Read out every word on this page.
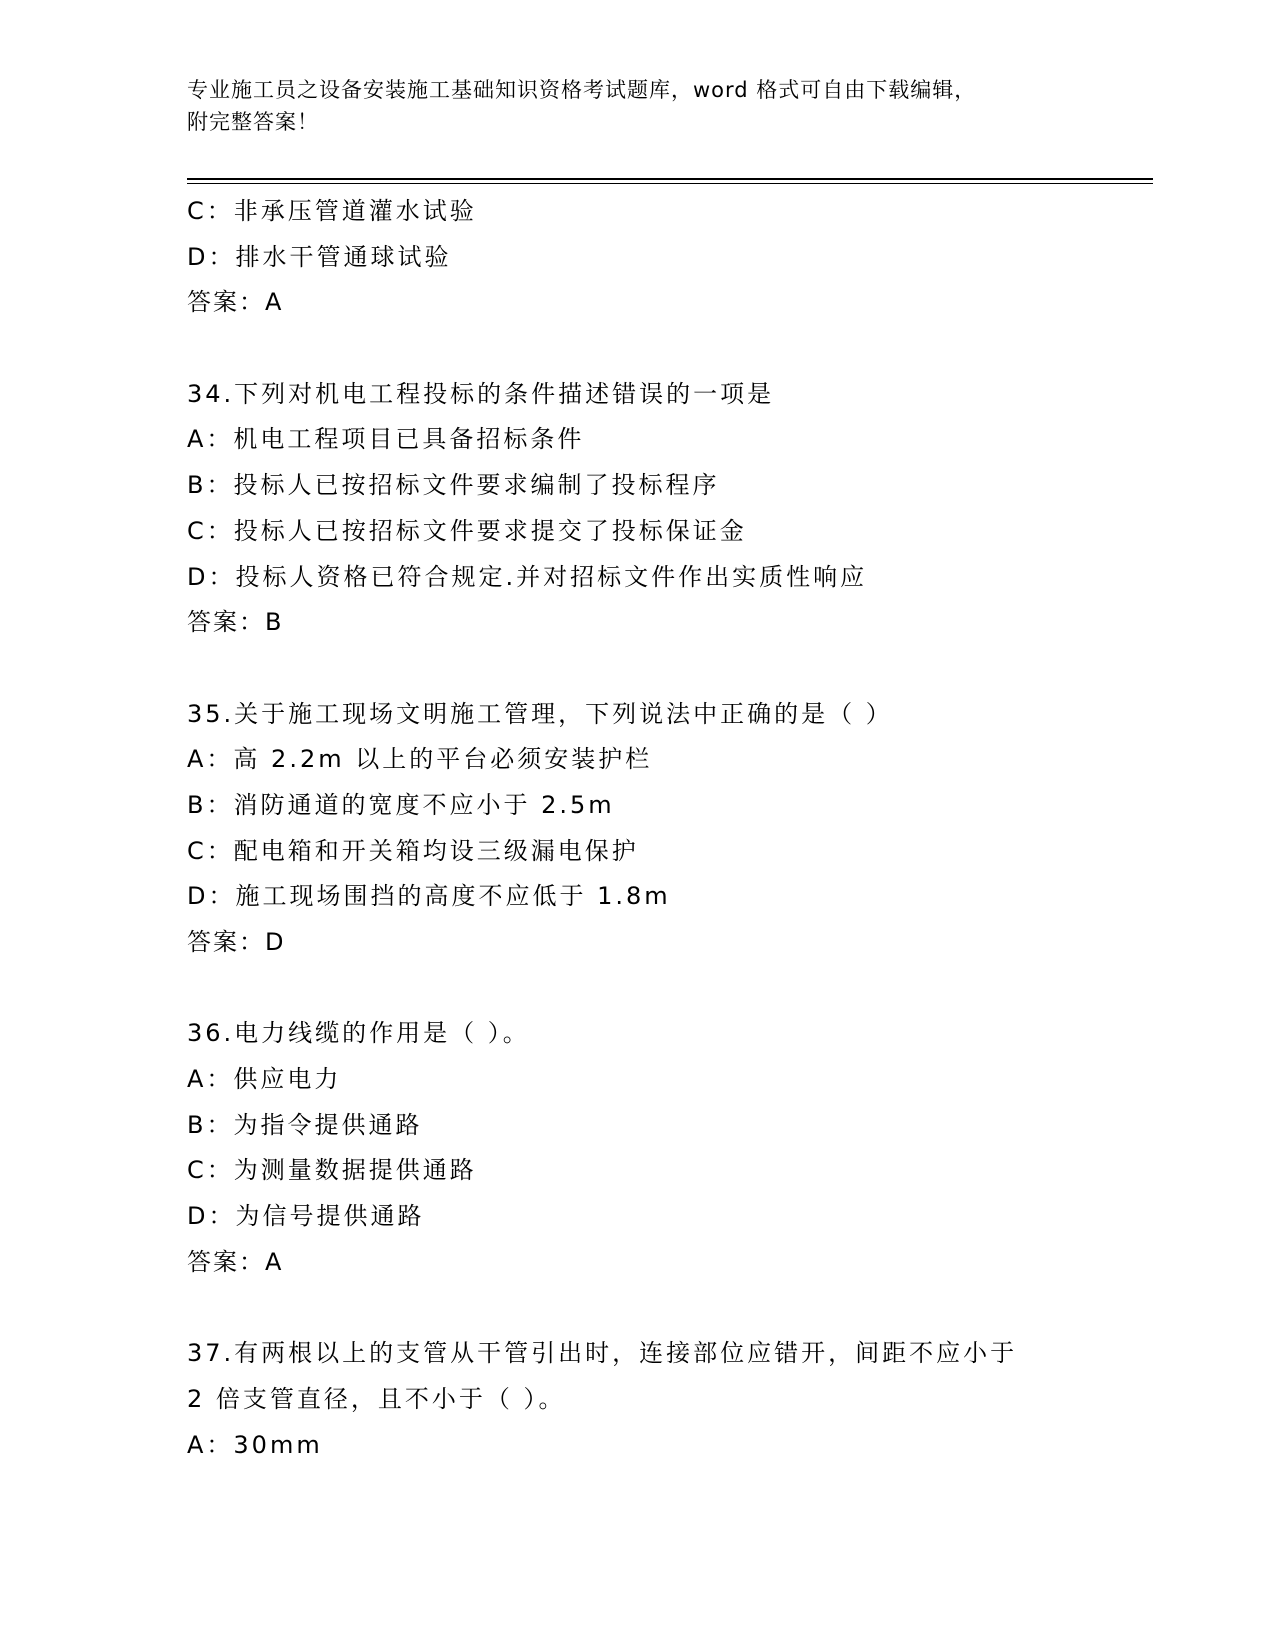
专业施工员之设备安装施工基础知识资格考试题库，word 格式可自由下载编辑，
附完整答案！
C：非承压管道灌水试验
D：排水干管通球试验
答案：A
34.下列对机电工程投标的条件描述错误的一项是
A：机电工程项目已具备招标条件
B：投标人已按招标文件要求编制了投标程序
C：投标人已按招标文件要求提交了投标保证金
D：投标人资格已符合规定.并对招标文件作出实质性响应
答案：B
35.关于施工现场文明施工管理，下列说法中正确的是（ ）
A：高 2.2m 以上的平台必须安装护栏
B：消防通道的宽度不应小于 2.5m
C：配电箱和开关箱均设三级漏电保护
D：施工现场围挡的高度不应低于 1.8m
答案：D
36.电力线缆的作用是（ ）。
A：供应电力
B：为指令提供通路
C：为测量数据提供通路
D：为信号提供通路
答案：A
37.有两根以上的支管从干管引出时，连接部位应错开，间距不应小于
2 倍支管直径，且不小于（ ）。
A：30mm
